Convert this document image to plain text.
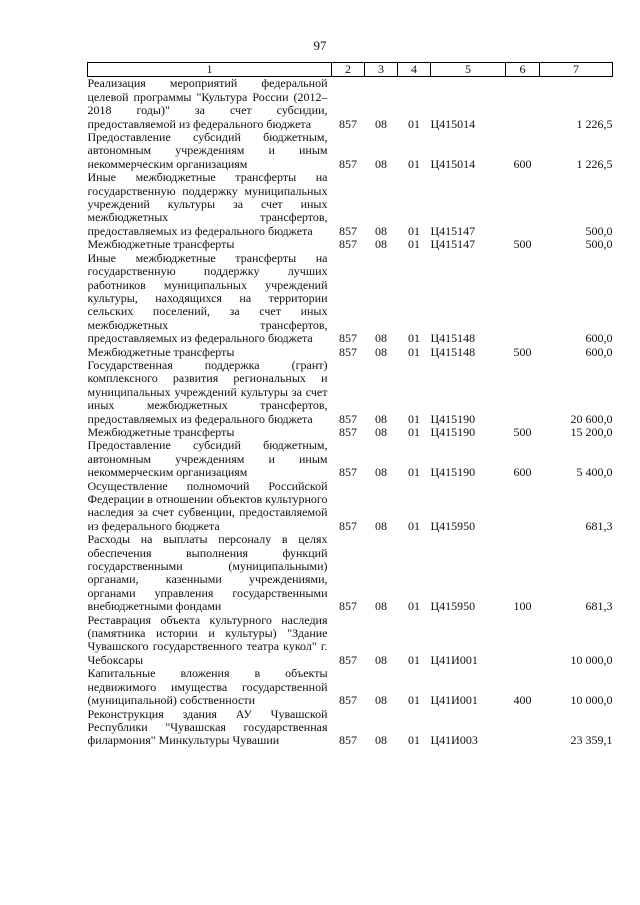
97
1	2	3	4	5	6	7
Реализация мероприятий федеральной целевой программы "Культура России (2012–2018 годы)" за счет субсидии, предоставляемой из федерального бюджета	857	08	01	Ц415014		1 226,5
Предоставление субсидий бюджетным, автономным учреждениям и иным некоммерческим организациям	857	08	01	Ц415014	600	1 226,5
Иные межбюджетные трансферты на государственную поддержку муниципальных учреждений культуры за счет иных межбюджетных трансфертов, предоставляемых из федерального бюджета	857	08	01	Ц415147		500,0
Межбюджетные трансферты	857	08	01	Ц415147	500	500,0
Иные межбюджетные трансферты на государственную поддержку лучших работников муниципальных учреждений культуры, находящихся на территории сельских поселений, за счет иных межбюджетных трансфертов, предоставляемых из федерального бюджета	857	08	01	Ц415148		600,0
Межбюджетные трансферты	857	08	01	Ц415148	500	600,0
Государственная поддержка (грант) комплексного развития региональных и муниципальных учреждений культуры за счет иных межбюджетных трансфертов, предоставляемых из федерального бюджета	857	08	01	Ц415190		20 600,0
Межбюджетные трансферты	857	08	01	Ц415190	500	15 200,0
Предоставление субсидий бюджетным, автономным учреждениям и иным некоммерческим организациям	857	08	01	Ц415190	600	5 400,0
Осуществление полномочий Российской Федерации в отношении объектов культурного наследия за счет субвенции, предоставляемой из федерального бюджета	857	08	01	Ц415950		681,3
Расходы на выплаты персоналу в целях обеспечения выполнения функций государственными (муниципальными) органами, казенными учреждениями, органами управления государственными внебюджетными фондами	857	08	01	Ц415950	100	681,3
Реставрация объекта культурного наследия (памятника истории и культуры) "Здание Чувашского государственного театра кукол" г. Чебоксары	857	08	01	Ц41И001		10 000,0
Капитальные вложения в объекты недвижимого имущества государственной (муниципальной) собственности	857	08	01	Ц41И001	400	10 000,0
Реконструкция здания АУ Чувашской Республики "Чувашская государственная филармония" Минкультуры Чувашии	857	08	01	Ц41И003		23 359,1
